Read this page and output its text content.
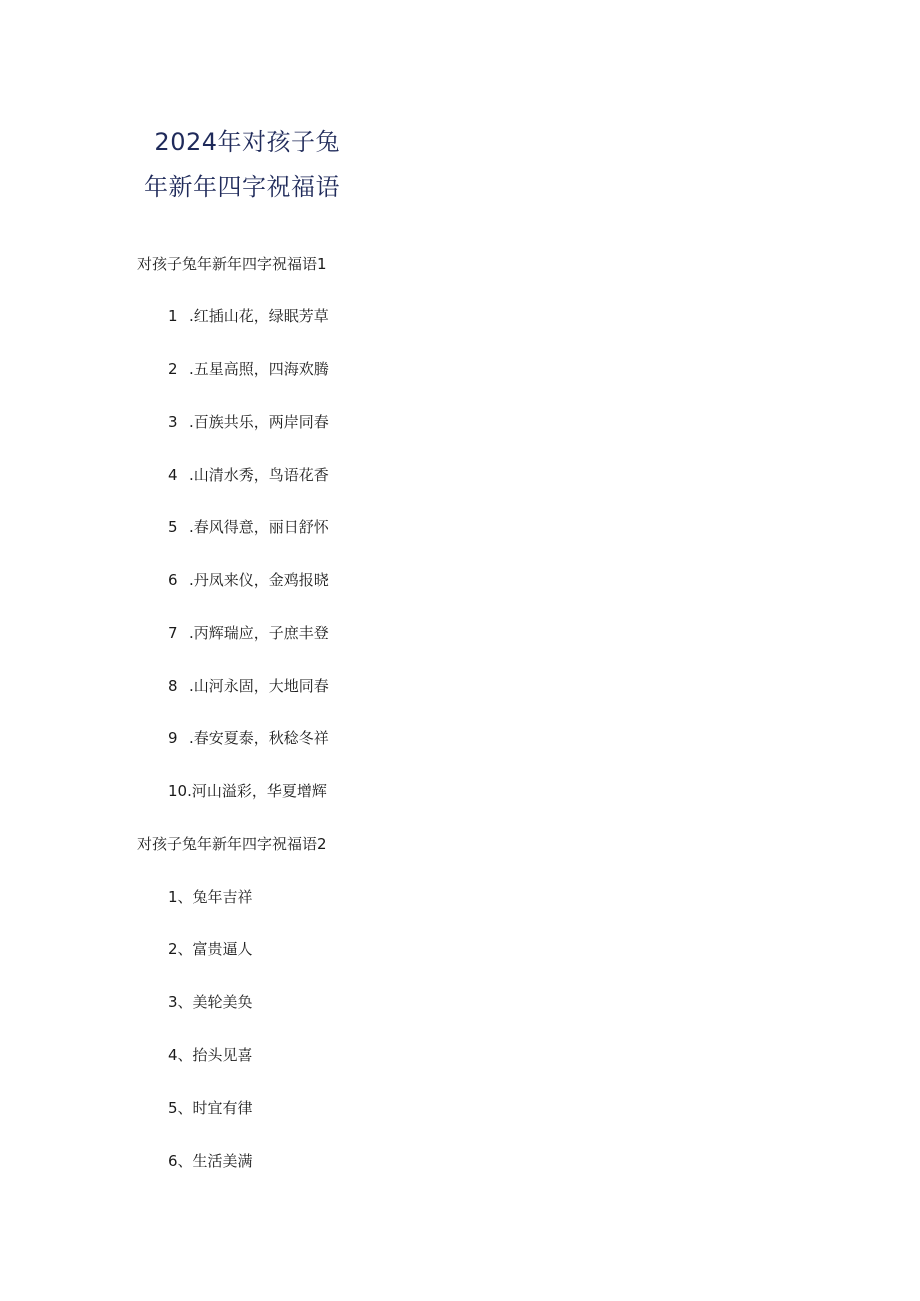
2024年对孩子兔
年新年四字祝福语
对孩子兔年新年四字祝福语1
1 .红插山花，绿眠芳草
2 .五星高照，四海欢腾
3 .百族共乐，两岸同春
4 .山清水秀，鸟语花香
5 .春风得意，丽日舒怀
6 .丹凤来仪，金鸡报晓
7 .丙辉瑞应，子庶丰登
8 .山河永固，大地同春
9 .春安夏泰，秋稔冬祥
10.河山溢彩，华夏增辉
对孩子兔年新年四字祝福语2
1、兔年吉祥
2、富贵逼人
3、美轮美奂
4、抬头见喜
5、时宜有律
6、生活美满
